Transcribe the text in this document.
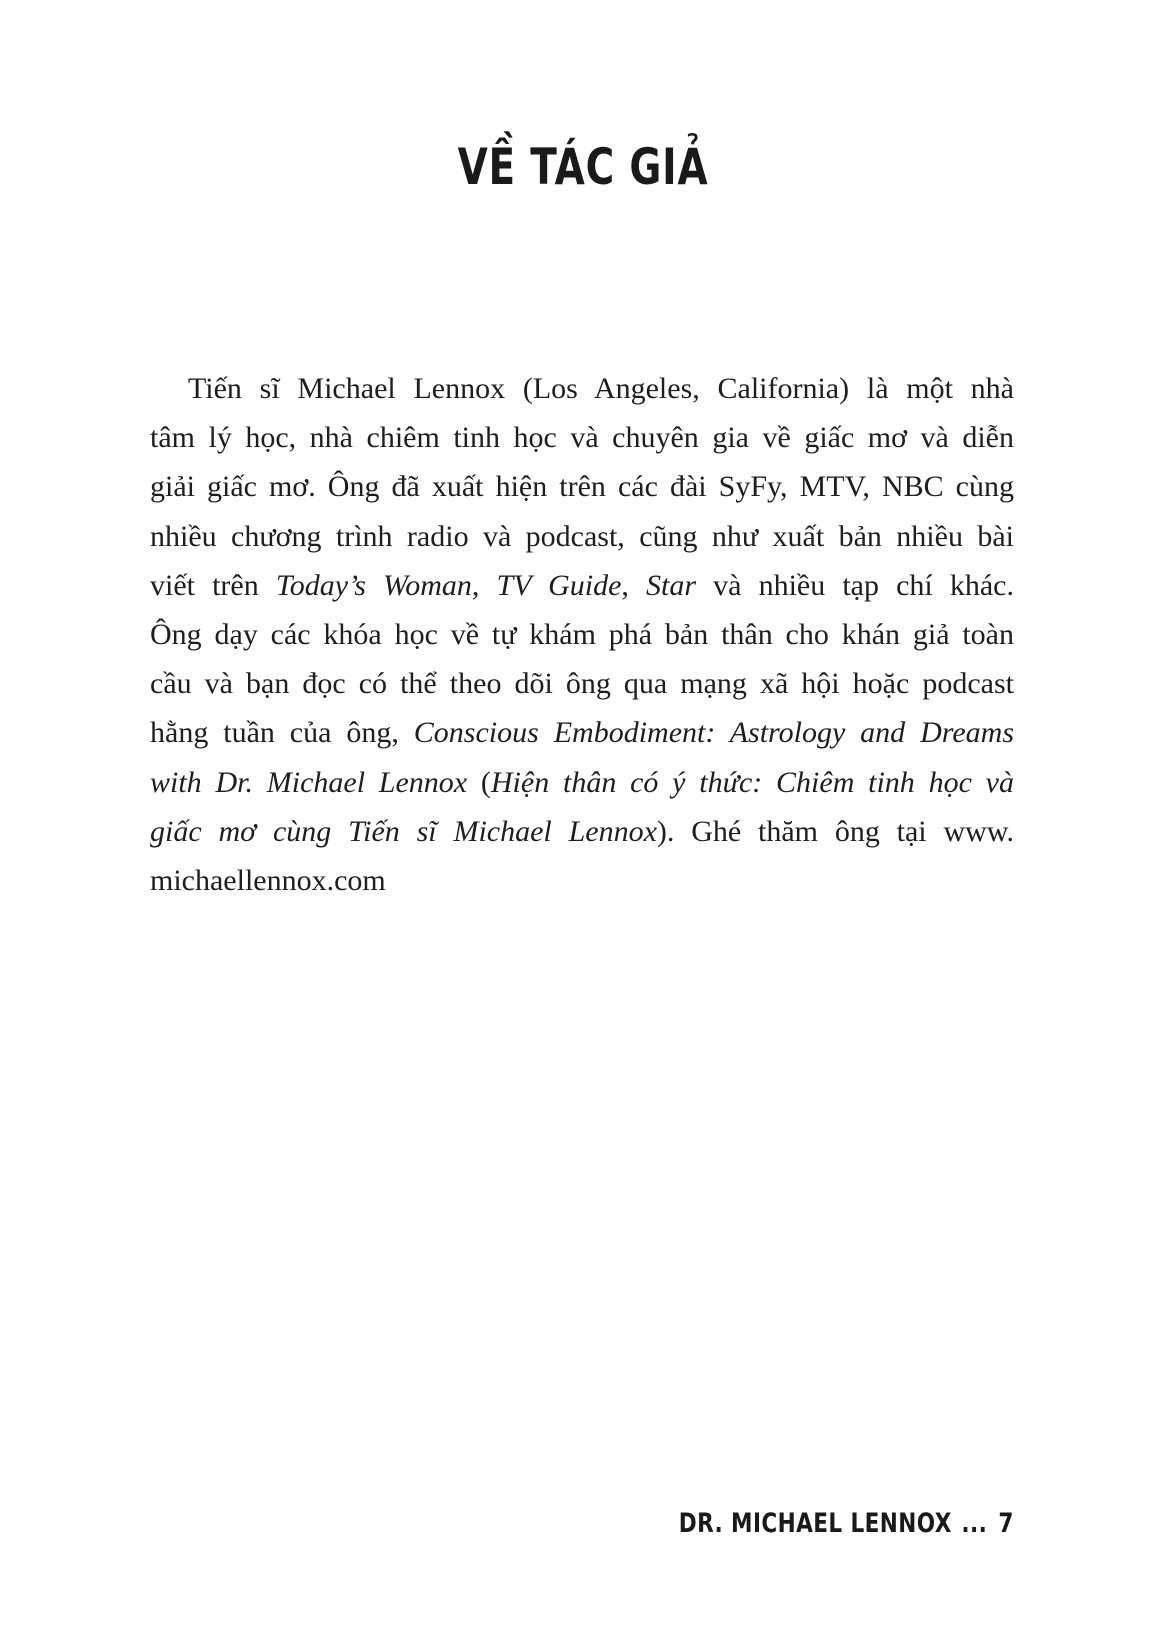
VỀ TÁC GIẢ
Tiến sĩ Michael Lennox (Los Angeles, California) là một nhà
tâm lý học, nhà chiêm tinh học và chuyên gia về giấc mơ và diễn
giải giấc mơ. Ông đã xuất hiện trên các đài SyFy, MTV, NBC cùng
nhiều chương trình radio và podcast, cũng như xuất bản nhiều bài
viết trên Today’s Woman, TV Guide, Star và nhiều tạp chí khác.
Ông dạy các khóa học về tự khám phá bản thân cho khán giả toàn
cầu và bạn đọc có thể theo dõi ông qua mạng xã hội hoặc podcast
hằng tuần của ông, Conscious Embodiment: Astrology and Dreams
with Dr. Michael Lennox (Hiện thân có ý thức: Chiêm tinh học và
giấc mơ cùng Tiến sĩ Michael Lennox). Ghé thăm ông tại www.
michaellennox.com
DR. MICHAEL LENNOX ... 7
